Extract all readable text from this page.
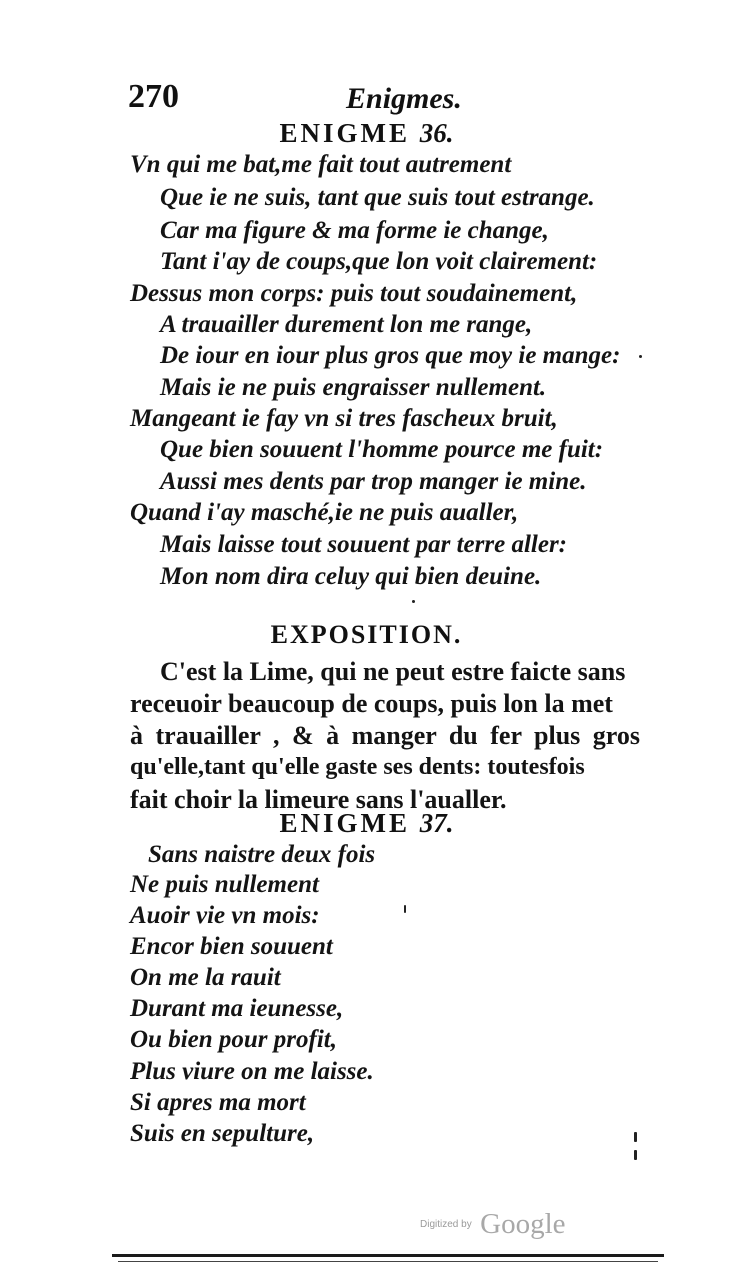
270	Enigmes.
ENIGME 36.
Vn qui me bat,me fait tout autrement
Que ie ne suis, tant que suis tout estrange.
Car ma figure & ma forme ie change,
Tant i'ay de coups,que lon voit clairement:
Dessus mon corps: puis tout soudainement,
A trauailler durement lon me range,
De iour en iour plus gros que moy ie mange:
Mais ie ne puis engraisser nullement.
Mangeant ie fay vn si tres fascheux bruit,
Que bien souuent l'homme pource me fuit:
Aussi mes dents par trop manger ie mine.
Quand i'ay masché,ie ne puis aualler,
Mais laisse tout souuent par terre aller:
Mon nom dira celuy qui bien deuine.
EXPOSITION.
C'est la Lime, qui ne peut estre faicte sans
receuoir beaucoup de coups, puis lon la met
à trauailler , & à manger du fer plus gros
qu'elle,tant qu'elle gaste ses dents: toutesfois
fait choir la limeure sans l'aualler.
ENIGME 37.
Sans naistre deux fois
Ne puis nullement
Auoir vie vn mois:
Encor bien souuent
On me la rauit
Durant ma ieunesse,
Ou bien pour profit,
Plus viure on me laisse.
Si apres ma mort
Suis en sepulture,
Digitized by Google
